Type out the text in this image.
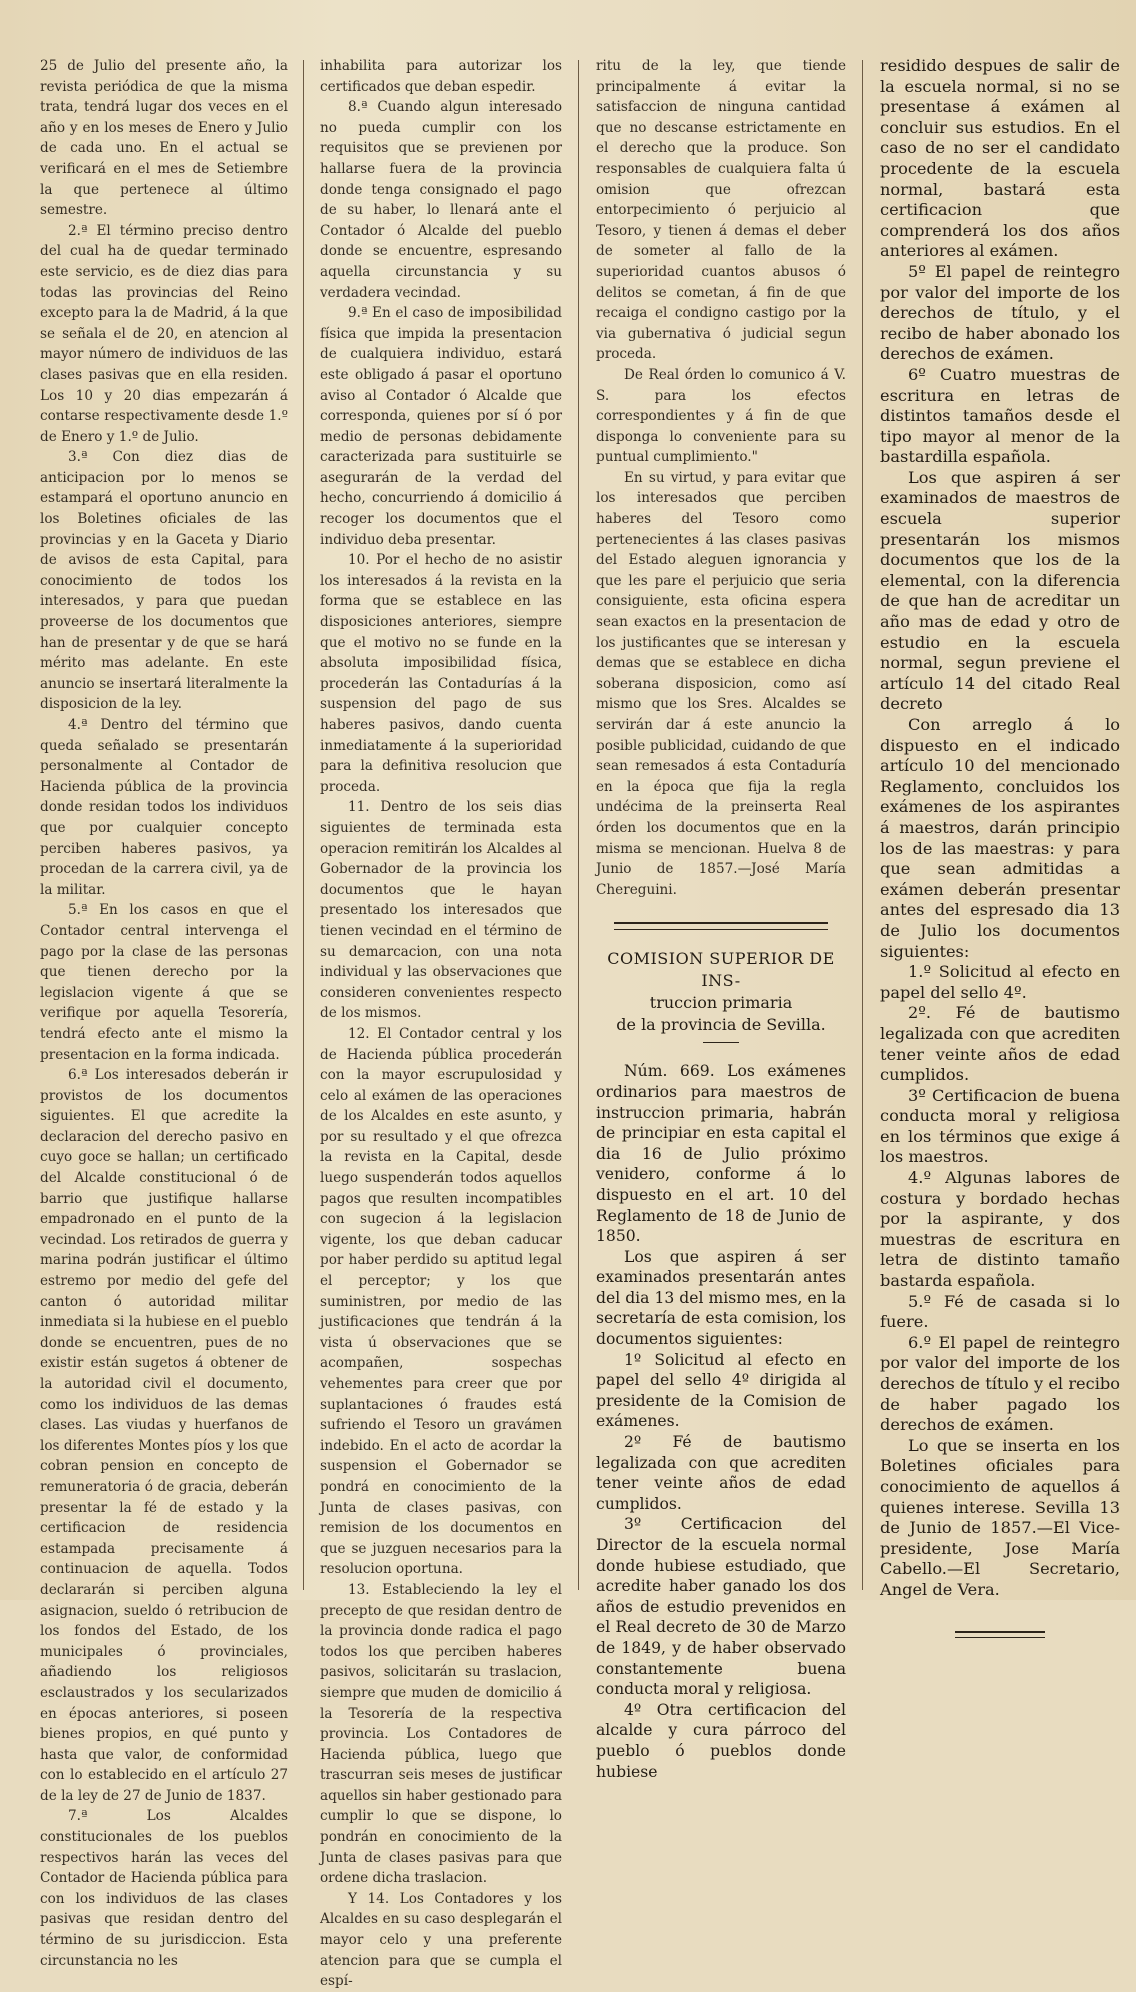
25 de Julio del presente año, la revista periódica de que la misma trata, tendrá lugar dos veces en el año y en los meses de Enero y Julio de cada uno. En el actual se verificará en el mes de Setiembre la que pertenece al último semestre.

2.ª El término preciso dentro del cual ha de quedar terminado este servicio, es de diez dias para todas las provincias del Reino excepto para la de Madrid, á la que se señala el de 20, en atencion al mayor número de individuos de las clases pasivas que en ella residen. Los 10 y 20 dias empezarán á contarse respectivamente desde 1.º de Enero y 1.º de Julio.

3.ª Con diez dias de anticipacion por lo menos se estampará el oportuno anuncio en los Boletines oficiales de las provincias y en la Gaceta y Diario de avisos de esta Capital, para conocimiento de todos los interesados, y para que puedan proveerse de los documentos que han de presentar y de que se hará mérito mas adelante. En este anuncio se insertará literalmente la disposicion de la ley.

4.ª Dentro del término que queda señalado se presentarán personalmente al Contador de Hacienda pública de la provincia donde residan todos los individuos que por cualquier concepto perciben haberes pasivos, ya procedan de la carrera civil, ya de la militar.

5.ª En los casos en que el Contador central intervenga el pago por la clase de las personas que tienen derecho por la legislacion vigente á que se verifique por aquella Tesorería, tendrá efecto ante el mismo la presentacion en la forma indicada.

6.ª Los interesados deberán ir provistos de los documentos siguientes. El que acredite la declaracion del derecho pasivo en cuyo goce se hallan; un certificado del Alcalde constitucional ó de barrio que justifique hallarse empadronado en el punto de la vecindad. Los retirados de guerra y marina podrán justificar el último estremo por medio del gefe del canton ó autoridad militar inmediata si la hubiese en el pueblo donde se encuentren, pues de no existir están sugetos á obtener de la autoridad civil el documento, como los individuos de las demas clases. Las viudas y huerfanos de los diferentes Montes píos y los que cobran pension en concepto de remuneratoria ó de gracia, deberán presentar la fé de estado y la certificacion de residencia estampada precisamente á continuacion de aquella. Todos declararán si perciben alguna asignacion, sueldo ó retribucion de los fondos del Estado, de los municipales ó provinciales, añadiendo los religiosos esclaustrados y los secularizados en épocas anteriores, si poseen bienes propios, en qué punto y hasta que valor, de conformidad con lo establecido en el artículo 27 de la ley de 27 de Junio de 1837.

7.ª Los Alcaldes constitucionales de los pueblos respectivos harán las veces del Contador de Hacienda pública para con los individuos de las clases pasivas que residan dentro del término de su jurisdiccion. Esta circunstancia no les

inhabilita para autorizar los certificados que deban espedir.

8.ª Cuando algun interesado no pueda cumplir con los requisitos que se previenen por hallarse fuera de la provincia donde tenga consignado el pago de su haber, lo llenará ante el Contador ó Alcalde del pueblo donde se encuentre, espresando aquella circunstancia y su verdadera vecindad.

9.ª En el caso de imposibilidad física que impida la presentacion de cualquiera individuo, estará este obligado á pasar el oportuno aviso al Contador ó Alcalde que corresponda, quienes por sí ó por medio de personas debidamente caracterizada para sustituirle se asegurarán de la verdad del hecho, concurriendo á domicilio á recoger los documentos que el individuo deba presentar.

10. Por el hecho de no asistir los interesados á la revista en la forma que se establece en las disposiciones anteriores, siempre que el motivo no se funde en la absoluta imposibilidad física, procederán las Contadurías á la suspension del pago de sus haberes pasivos, dando cuenta inmediatamente á la superioridad para la definitiva resolucion que proceda.

11. Dentro de los seis dias siguientes de terminada esta operacion remitirán los Alcaldes al Gobernador de la provincia los documentos que le hayan presentado los interesados que tienen vecindad en el término de su demarcacion, con una nota individual y las observaciones que consideren convenientes respecto de los mismos.

12. El Contador central y los de Hacienda pública procederán con la mayor escrupulosidad y celo al exámen de las operaciones de los Alcaldes en este asunto, y por su resultado y el que ofrezca la revista en la Capital, desde luego suspenderán todos aquellos pagos que resulten incompatibles con sugecion á la legislacion vigente, los que deban caducar por haber perdido su aptitud legal el perceptor; y los que suministren, por medio de las justificaciones que tendrán á la vista ú observaciones que se acompañen, sospechas vehementes para creer que por suplantaciones ó fraudes está sufriendo el Tesoro un gravámen indebido. En el acto de acordar la suspension el Gobernador se pondrá en conocimiento de la Junta de clases pasivas, con remision de los documentos en que se juzguen necesarios para la resolucion oportuna.

13. Estableciendo la ley el precepto de que residan dentro de la provincia donde radica el pago todos los que perciben haberes pasivos, solicitarán su traslacion, siempre que muden de domicilio á la Tesorería de la respectiva provincia. Los Contadores de Hacienda pública, luego que trascurran seis meses de justificar aquellos sin haber gestionado para cumplir lo que se dispone, lo pondrán en conocimiento de la Junta de clases pasivas para que ordene dicha traslacion.

Y 14. Los Contadores y los Alcaldes en su caso desplegarán el mayor celo y una preferente atencion para que se cumpla el espí-

ritu de la ley, que tiende principalmente á evitar la satisfaccion de ninguna cantidad que no descanse estrictamente en el derecho que la produce. Son responsables de cualquiera falta ú omision que ofrezcan entorpecimiento ó perjuicio al Tesoro, y tienen á demas el deber de someter al fallo de la superioridad cuantos abusos ó delitos se cometan, á fin de que recaiga el condigno castigo por la via gubernativa ó judicial segun proceda.

De Real órden lo comunico á V. S. para los efectos correspondientes y á fin de que disponga lo conveniente para su puntual cumplimiento."

En su virtud, y para evitar que los interesados que perciben haberes del Tesoro como pertenecientes á las clases pasivas del Estado aleguen ignorancia y que les pare el perjuicio que seria consiguiente, esta oficina espera sean exactos en la presentacion de los justificantes que se interesan y demas que se establece en dicha soberana disposicion, como así mismo que los Sres. Alcaldes se servirán dar á este anuncio la posible publicidad, cuidando de que sean remesados á esta Contaduría en la época que fija la regla undécima de la preinserta Real órden los documentos que en la misma se mencionan. Huelva 8 de Junio de 1857.—José María Chereguini.

COMISION SUPERIOR DE INS-

truccion primaria

de la provincia de Sevilla.

Núm. 669. Los exámenes ordinarios para maestros de instruccion primaria, habrán de principiar en esta capital el dia 16 de Julio próximo venidero, conforme á lo dispuesto en el art. 10 del Reglamento de 18 de Junio de 1850.

Los que aspiren á ser examinados presentarán antes del dia 13 del mismo mes, en la secretaría de esta comision, los documentos siguientes:

1º Solicitud al efecto en papel del sello 4º dirigida al presidente de la Comision de exámenes.

2º Fé de bautismo legalizada con que acrediten tener veinte años de edad cumplidos.

3º Certificacion del Director de la escuela normal donde hubiese estudiado, que acredite haber ganado los dos años de estudio prevenidos en el Real decreto de 30 de Marzo de 1849, y de haber observado constantemente buena conducta moral y religiosa.

4º Otra certificacion del alcalde y cura párroco del pueblo ó pueblos donde hubiese

residido despues de salir de la escuela normal, si no se presentase á exámen al concluir sus estudios. En el caso de no ser el candidato procedente de la escuela normal, bastará esta certificacion que comprenderá los dos años anteriores al exámen.

5º El papel de reintegro por valor del importe de los derechos de título, y el recibo de haber abonado los derechos de exámen.

6º Cuatro muestras de escritura en letras de distintos tamaños desde el tipo mayor al menor de la bastardilla española.

Los que aspiren á ser examinados de maestros de escuela superior presentarán los mismos documentos que los de la elemental, con la diferencia de que han de acreditar un año mas de edad y otro de estudio en la escuela normal, segun previene el artículo 14 del citado Real decreto

Con arreglo á lo dispuesto en el indicado artículo 10 del mencionado Reglamento, concluidos los exámenes de los aspirantes á maestros, darán principio los de las maestras: y para que sean admitidas a exámen deberán presentar antes del espresado dia 13 de Julio los documentos siguientes:

1.º Solicitud al efecto en papel del sello 4º.

2º. Fé de bautismo legalizada con que acrediten tener veinte años de edad cumplidos.

3º Certificacion de buena conducta moral y religiosa en los términos que exige á los maestros.

4.º Algunas labores de costura y bordado hechas por la aspirante, y dos muestras de escritura en letra de distinto tamaño bastarda española.

5.º Fé de casada si lo fuere.

6.º El papel de reintegro por valor del importe de los derechos de título y el recibo de haber pagado los derechos de exámen.

Lo que se inserta en los Boletines oficiales para conocimiento de aquellos á quienes interese. Sevilla 13 de Junio de 1857.—El Vice-presidente, Jose María Cabello.—El Secretario, Angel de Vera.
